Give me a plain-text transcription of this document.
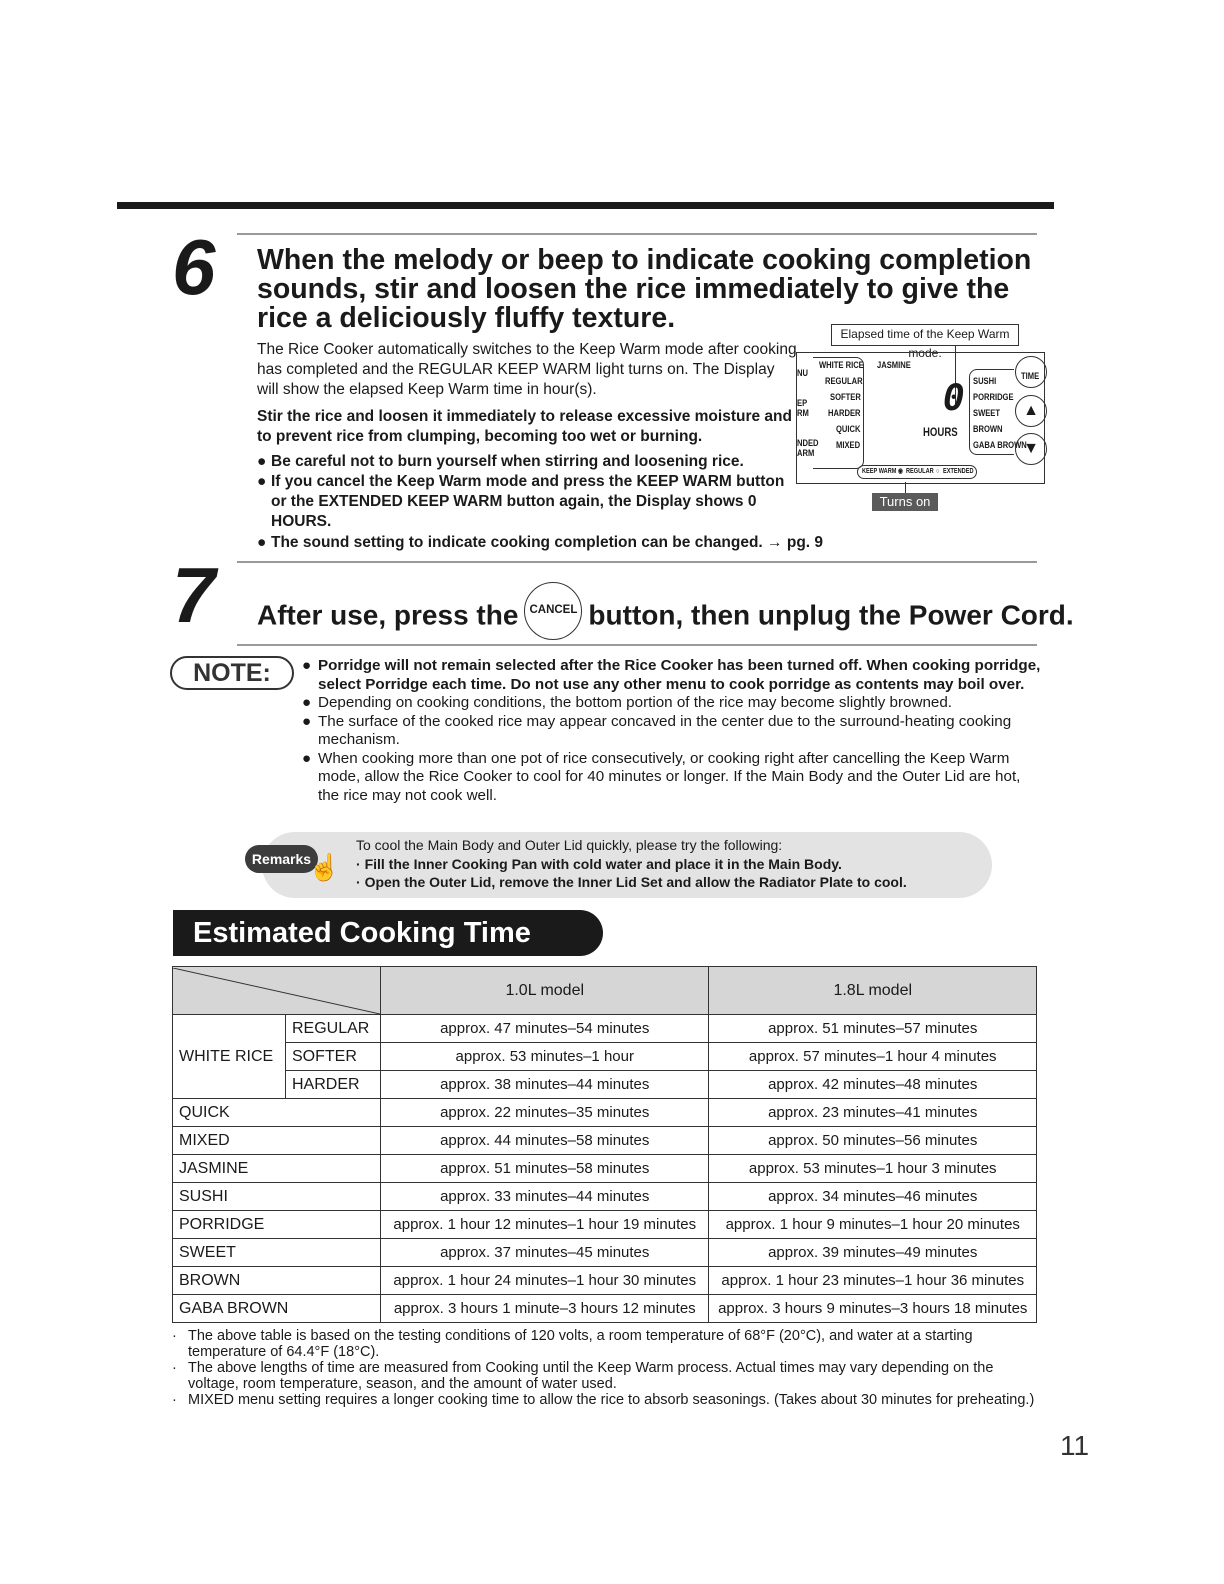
6 When the melody or beep to indicate cooking completion sounds, stir and loosen the rice immediately to give the rice a deliciously fluffy texture.

The Rice Cooker automatically switches to the Keep Warm mode after cooking has completed and the REGULAR KEEP WARM light turns on. The Display will show the elapsed Keep Warm time in hour(s).

Stir the rice and loosen it immediately to release excessive moisture and to prevent rice from clumping, becoming too wet or burning.

● Be careful not to burn yourself when stirring and loosening rice.
● If you cancel the Keep Warm mode and press the KEEP WARM button or the EXTENDED KEEP WARM button again, the Display shows 0 HOURS.
● The sound setting to indicate cooking completion can be changed. → pg. 9
Elapsed time of the Keep Warm mode.
NU
EP
RM
NDED
ARM
WHITE RICE
REGULAR
SOFTER
HARDER
QUICK
MIXED
JASMINE
0
HOURS
SUSHI
PORRIDGE
SWEET
BROWN
GABA BROWN
TIME
▲
▼
KEEP WARM ◉ REGULAR ○ EXTENDED
Turns on
7 After use, press the CANCEL button, then unplug the Power Cord.
NOTE:	● Porridge will not remain selected after the Rice Cooker has been turned off. When cooking porridge, select Porridge each time. Do not use any other menu to cook porridge as contents may boil over.
● Depending on cooking conditions, the bottom portion of the rice may become slightly browned.
● The surface of the cooked rice may appear concaved in the center due to the surround-heating cooking mechanism.
● When cooking more than one pot of rice consecutively, or cooking right after cancelling the Keep Warm mode, allow the Rice Cooker to cool for 40 minutes or longer. If the Main Body and the Outer Lid are hot, the rice may not cook well.
Remarks
☝
To cool the Main Body and Outer Lid quickly, please try the following:
· Fill the Inner Cooking Pan with cold water and place it in the Main Body.
· Open the Outer Lid, remove the Inner Lid Set and allow the Radiator Plate to cool.
Estimated Cooking Time
	1.0L model	1.8L model
WHITE RICE	REGULAR	approx. 47 minutes–54 minutes	approx. 51 minutes–57 minutes
	SOFTER	approx. 53 minutes–1 hour	approx. 57 minutes–1 hour 4 minutes
	HARDER	approx. 38 minutes–44 minutes	approx. 42 minutes–48 minutes
QUICK		approx. 22 minutes–35 minutes	approx. 23 minutes–41 minutes
MIXED		approx. 44 minutes–58 minutes	approx. 50 minutes–56 minutes
JASMINE		approx. 51 minutes–58 minutes	approx. 53 minutes–1 hour 3 minutes
SUSHI		approx. 33 minutes–44 minutes	approx. 34 minutes–46 minutes
PORRIDGE		approx. 1 hour 12 minutes–1 hour 19 minutes	approx. 1 hour 9 minutes–1 hour 20 minutes
SWEET		approx. 37 minutes–45 minutes	approx. 39 minutes–49 minutes
BROWN		approx. 1 hour 24 minutes–1 hour 30 minutes	approx. 1 hour 23 minutes–1 hour 36 minutes
GABA BROWN		approx. 3 hours 1 minute–3 hours 12 minutes	approx. 3 hours 9 minutes–3 hours 18 minutes
· The above table is based on the testing conditions of 120 volts, a room temperature of 68°F (20°C), and water at a starting temperature of 64.4°F (18°C).
· The above lengths of time are measured from Cooking until the Keep Warm process. Actual times may vary depending on the voltage, room temperature, season, and the amount of water used.
· MIXED menu setting requires a longer cooking time to allow the rice to absorb seasonings. (Takes about 30 minutes for preheating.)
11
